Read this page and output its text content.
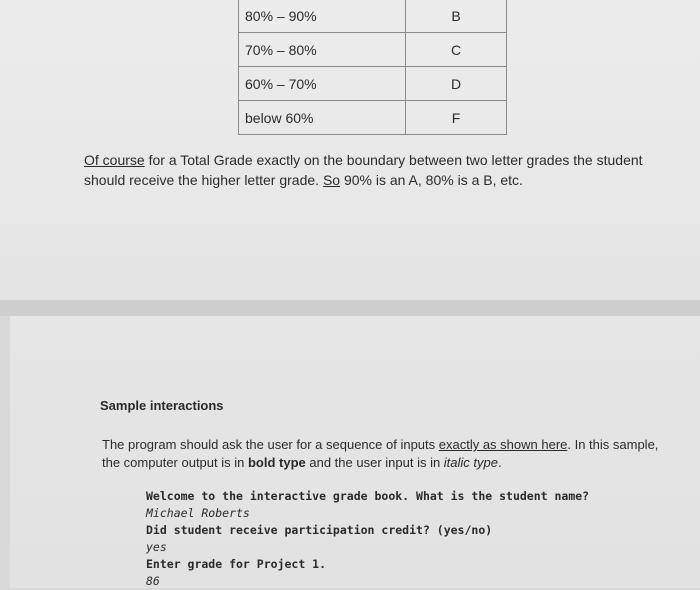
80% – 90%	B
70% – 80%	C
60% – 70%	D
below 60%	F
Of course for a Total Grade exactly on the boundary between two letter grades the student should receive the higher letter grade. So 90% is an A, 80% is a B, etc.
Sample interactions
The program should ask the user for a sequence of inputs exactly as shown here. In this sample, the computer output is in bold type and the user input is in italic type.
Welcome to the interactive grade book. What is the student name?
Michael Roberts
Did student receive participation credit? (yes/no)
yes
Enter grade for Project 1.
86
